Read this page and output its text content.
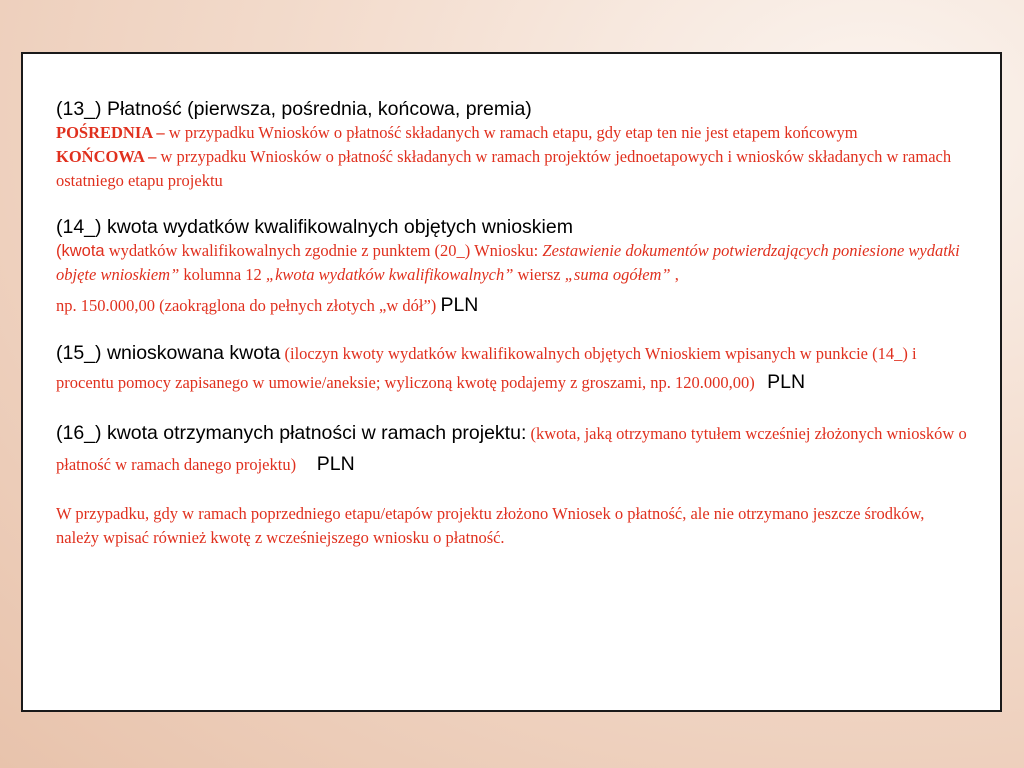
(13_) Płatność (pierwsza, pośrednia, końcowa, premia)
POŚREDNIA – w przypadku Wniosków o płatność składanych w ramach etapu, gdy etap ten nie jest etapem końcowym
KOŃCOWA – w przypadku Wniosków o płatność składanych w ramach projektów jednoetapowych i wniosków składanych w ramach ostatniego etapu projektu
(14_) kwota wydatków kwalifikowalnych objętych wnioskiem
(kwota wydatków kwalifikowalnych zgodnie z punktem (20_) Wniosku: Zestawienie dokumentów potwierdzających poniesione wydatki objęte wnioskiem” kolumna 12 „kwota wydatków kwalifikowalnych” wiersz „suma ogółem” ,
np. 150.000,00 (zaokrąglona do pełnych złotych „w dół”) PLN
(15_) wnioskowana kwota (iloczyn kwoty wydatków kwalifikowalnych objętych Wnioskiem wpisanych w punkcie (14_) i procentu pomocy zapisanego w umowie/aneksie; wyliczoną kwotę podajemy z groszami, np. 120.000,00) PLN
(16_) kwota otrzymanych płatności w ramach projektu: (kwota, jaką otrzymano tytułem wcześniej złożonych wniosków o płatność w ramach danego projektu) PLN
W przypadku, gdy w ramach poprzedniego etapu/etapów projektu złożono Wniosek o płatność, ale nie otrzymano jeszcze środków, należy wpisać również kwotę z wcześniejszego wniosku o płatność.
